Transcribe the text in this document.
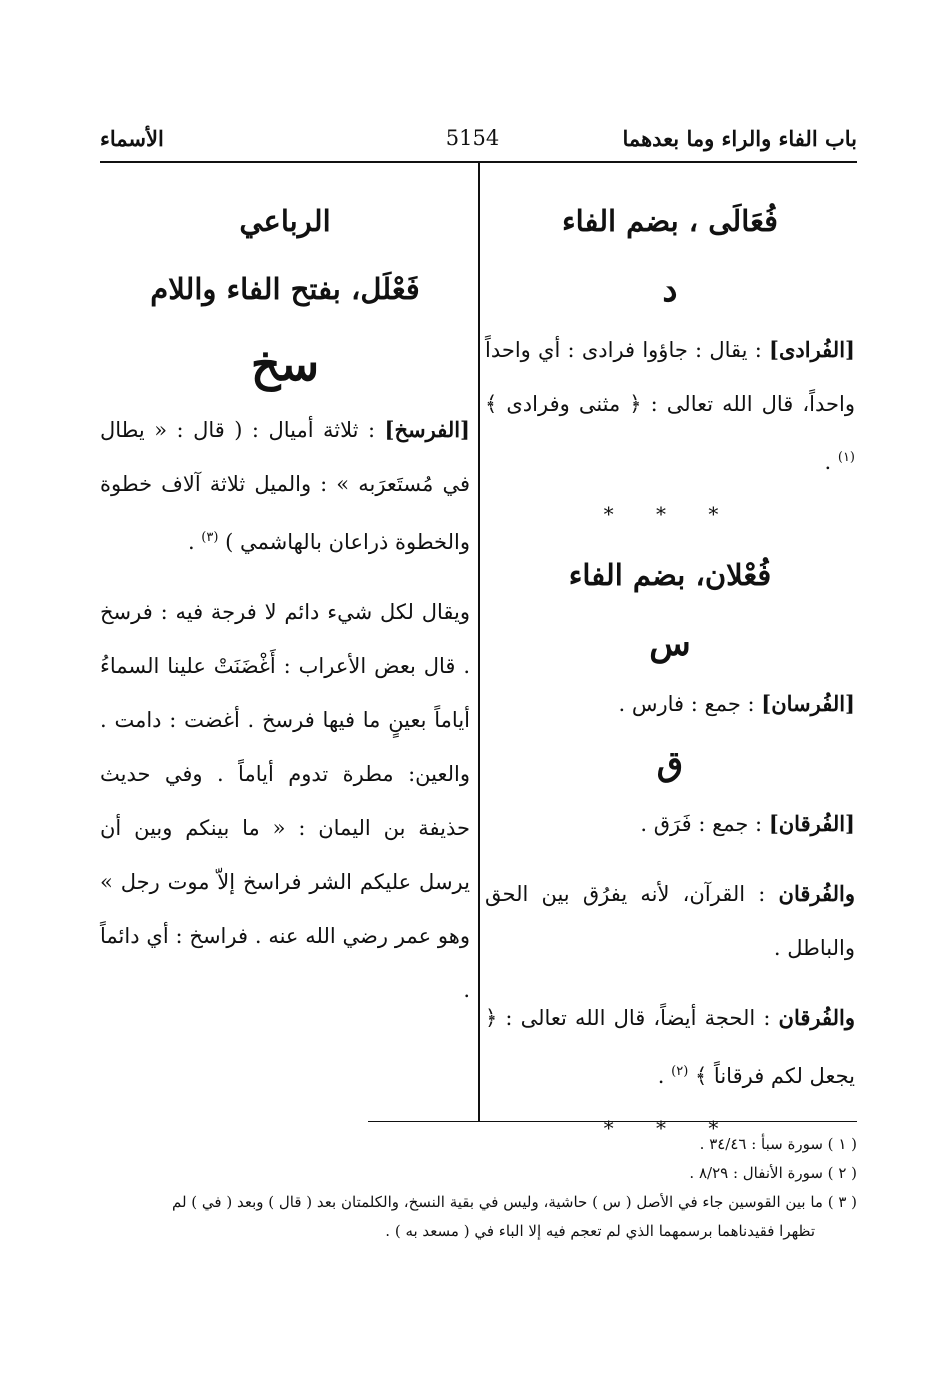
باب الفاء والراء وما بعدهما
5154
الأسماء
فُعَالَى ، بضم الفاء
د

[الفُرادى] : يقال : جاؤوا فرادى : أي واحداً واحداً، قال الله تعالى : ﴿ مثنى وفرادى ﴾ $^{(١)}$ .

* * *
فُعْلان، بضم الفاء
س

[الفُرسان] : جمع : فارس .

ق

[الفُرقان] : جمع : فَرَق .

والفُرقان : القرآن، لأنه يفرُق بين الحق والباطل .

والفُرقان : الحجة أيضاً، قال الله تعالى : ﴿ يجعل لكم فرقاناً ﴾ $^{(٢)}$ .

* * *
الرباعي
فَعْلَل، بفتح الفاء واللام
سخ

[الفرسخ] : ثلاثة أميال : ( قال : « يطال في مُستَعرَبه » : والميل ثلاثة آلاف خطوة والخطوة ذراعان بالهاشمي ) $^{(٣)}$ .

ويقال لكل شيء دائم لا فرجة فيه : فرسخ . قال بعض الأعراب : أَغْضَنَتْ علينا السماءُ أياماً بعينٍ ما فيها فرسخ . أغضت : دامت . والعين: مطرة تدوم أياماً . وفي حديث حذيفة بن اليمان : « ما بينكم وبين أن يرسل عليكم الشر فراسخ إلاّ موت رجل » وهو عمر رضي الله عنه . فراسخ : أي دائماً .

( ١ ) سورة سبأ : ٣٤/٤٦ .

( ٢ ) سورة الأنفال : ٨/٢٩ .

( ٣ ) ما بين القوسين جاء في الأصل ( س ) حاشية، وليس في بقية النسخ، والكلمتان بعد ( قال ) وبعد ( في ) لم

تظهرا فقيدناهما برسمهما الذي لم تعجم فيه إلا الباء في ( مسعد به ) .
